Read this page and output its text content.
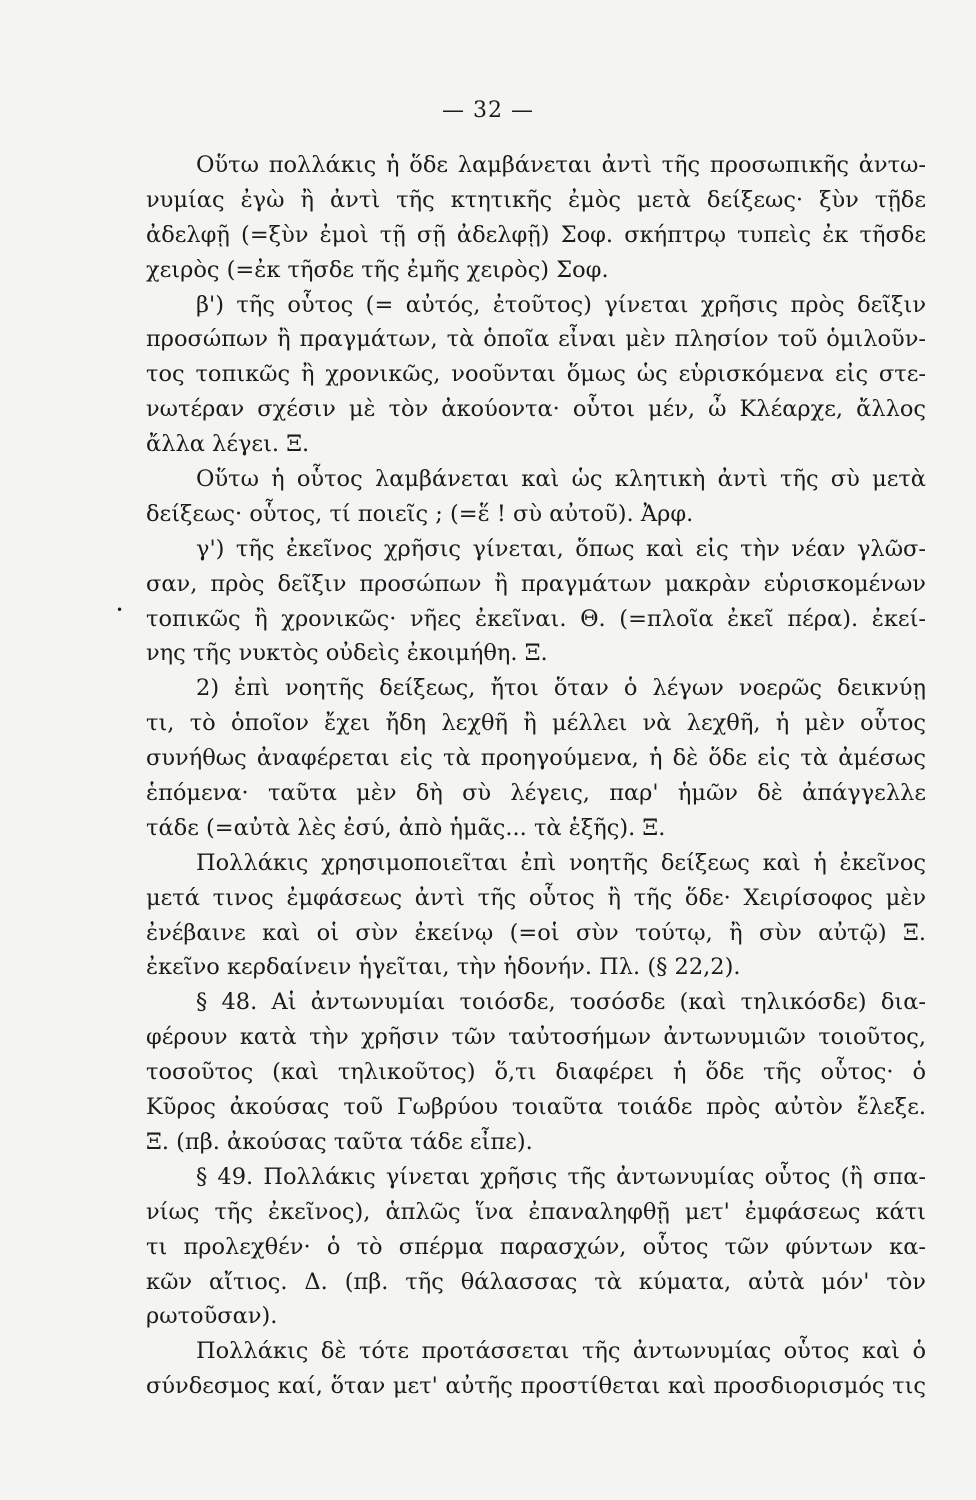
— 32 —
•
Οὕτω πολλάκις ἡ ὅδε λαμβάνεται ἀντὶ τῆς προσωπικῆς ἀντω-
νυμίας ἐγὼ ἢ ἀντὶ τῆς κτητικῆς ἐμὸς μετὰ δείξεως· ξὺν τῇδε
ἀδελφῇ (=ξὺν ἐμοὶ τῇ σῇ ἀδελφῇ) Σοφ. σκήπτρῳ τυπεὶς ἐκ τῆσδε
χειρὸς (=ἐκ τῆσδε τῆς ἐμῆς χειρὸς) Σοφ.
β') τῆς οὗτος (= αὐτός, ἐτοῦτος) γίνεται χρῆσις πρὸς δεῖξιν
προσώπων ἢ πραγμάτων, τὰ ὁποῖα εἶναι μὲν πλησίον τοῦ ὁμιλοῦν-
τος τοπικῶς ἢ χρονικῶς, νοοῦνται ὅμως ὡς εὑρισκόμενα εἰς στε-
νωτέραν σχέσιν μὲ τὸν ἀκούοντα· οὗτοι μέν, ὦ Κλέαρχε, ἄλλος
ἄλλα λέγει. Ξ.
Οὕτω ἡ οὗτος λαμβάνεται καὶ ὡς κλητικὴ ἀντὶ τῆς σὺ μετὰ
δείξεως· οὗτος, τί ποιεῖς ; (=ἕ ! σὺ αὐτοῦ). Ἀρφ.
γ') τῆς ἐκεῖνος χρῆσις γίνεται, ὅπως καὶ εἰς τὴν νέαν γλῶσ-
σαν, πρὸς δεῖξιν προσώπων ἢ πραγμάτων μακρὰν εὑρισκομένων
τοπικῶς ἢ χρονικῶς· νῆες ἐκεῖναι. Θ. (=πλοῖα ἐκεῖ πέρα). ἐκεί-
νης τῆς νυκτὸς οὐδεὶς ἐκοιμήθη. Ξ.
2) ἐπὶ νοητῆς δείξεως, ἤτοι ὅταν ὁ λέγων νοερῶς δεικνύῃ
τι, τὸ ὁποῖον ἔχει ἤδη λεχθῆ ἢ μέλλει νὰ λεχθῆ, ἡ μὲν οὗτος
συνήθως ἀναφέρεται εἰς τὰ προηγούμενα, ἡ δὲ ὅδε εἰς τὰ ἀμέσως
ἑπόμενα· ταῦτα μὲν δὴ σὺ λέγεις, παρ' ἡμῶν δὲ ἀπάγγελλε
τάδε (=αὐτὰ λὲς ἐσύ, ἀπὸ ἡμᾶς... τὰ ἑξῆς). Ξ.
Πολλάκις χρησιμοποιεῖται ἐπὶ νοητῆς δείξεως καὶ ἡ ἐκεῖνος
μετά τινος ἐμφάσεως ἀντὶ τῆς οὗτος ἢ τῆς ὅδε· Χειρίσοφος μὲν
ἐνέβαινε καὶ οἱ σὺν ἐκείνῳ (=οἱ σὺν τούτῳ, ἢ σὺν αὐτῷ) Ξ.
ἐκεῖνο κερδαίνειν ἡγεῖται, τὴν ἡδονήν. Πλ. (§ 22,2).
§ 48. Αἱ ἀντωνυμίαι τοιόσδε, τοσόσδε (καὶ τηλικόσδε) δια-
φέρουν κατὰ τὴν χρῆσιν τῶν ταὐτοσήμων ἀντωνυμιῶν τοιοῦτος,
τοσοῦτος (καὶ τηλικοῦτος) ὅ,τι διαφέρει ἡ ὅδε τῆς οὗτος· ὁ
Κῦρος ἀκούσας τοῦ Γωβρύου τοιαῦτα τοιάδε πρὸς αὐτὸν ἔλεξε.
Ξ. (πβ. ἀκούσας ταῦτα τάδε εἶπε).
§ 49. Πολλάκις γίνεται χρῆσις τῆς ἀντωνυμίας οὗτος (ἢ σπα-
νίως τῆς ἐκεῖνος), ἁπλῶς ἵνα ἐπαναληφθῇ μετ' ἐμφάσεως κάτι
τι προλεχθέν· ὁ τὸ σπέρμα παρασχών, οὗτος τῶν φύντων κα-
κῶν αἴτιος. Δ. (πβ. τῆς θάλασσας τὰ κύματα, αὐτὰ μόν' τὸν
ρωτοῦσαν).
Πολλάκις δὲ τότε προτάσσεται τῆς ἀντωνυμίας οὗτος καὶ ὁ
σύνδεσμος καί, ὅταν μετ' αὐτῆς προστίθεται καὶ προσδιορισμός τις
